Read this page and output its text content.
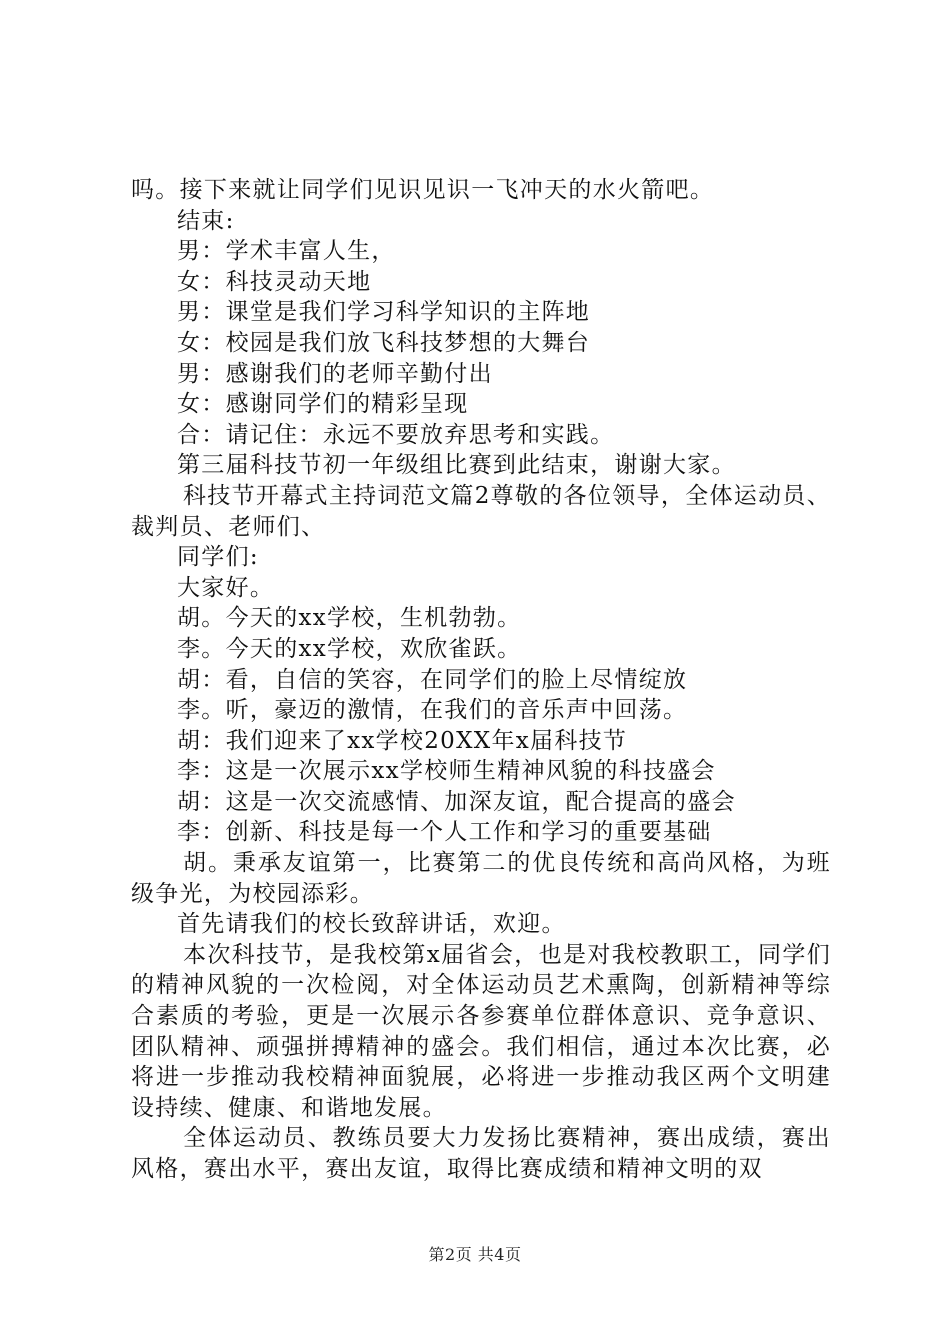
吗。接下来就让同学们见识见识一飞冲天的水火箭吧。

结束:

男：学术丰富人生，

女：科技灵动天地

男：课堂是我们学习科学知识的主阵地

女：校园是我们放飞科技梦想的大舞台

男：感谢我们的老师辛勤付出

女：感谢同学们的精彩呈现

合：请记住：永远不要放弃思考和实践。

第三届科技节初一年级组比赛到此结束，谢谢大家。

科技节开幕式主持词范文篇2尊敬的各位领导，全体运动员、裁判员、老师们、

同学们:

大家好。

胡。今天的xx学校，生机勃勃。

李。今天的xx学校，欢欣雀跃。

胡：看，自信的笑容，在同学们的脸上尽情绽放

李。听，豪迈的激情，在我们的音乐声中回荡。

胡：我们迎来了xx学校20XX年x届科技节

李：这是一次展示xx学校师生精神风貌的科技盛会

胡：这是一次交流感情、加深友谊，配合提高的盛会

李：创新、科技是每一个人工作和学习的重要基础

胡。秉承友谊第一，比赛第二的优良传统和高尚风格，为班级争光，为校园添彩。

首先请我们的校长致辞讲话，欢迎。

本次科技节，是我校第x届省会，也是对我校教职工，同学们的精神风貌的一次检阅，对全体运动员艺术熏陶，创新精神等综合素质的考验，更是一次展示各参赛单位群体意识、竞争意识、团队精神、顽强拼搏精神的盛会。我们相信，通过本次比赛，必将进一步推动我校精神面貌展，必将进一步推动我区两个文明建设持续、健康、和谐地发展。

全体运动员、教练员要大力发扬比赛精神，赛出成绩，赛出风格，赛出水平，赛出友谊，取得比赛成绩和精神文明的双

第2页 共4页
